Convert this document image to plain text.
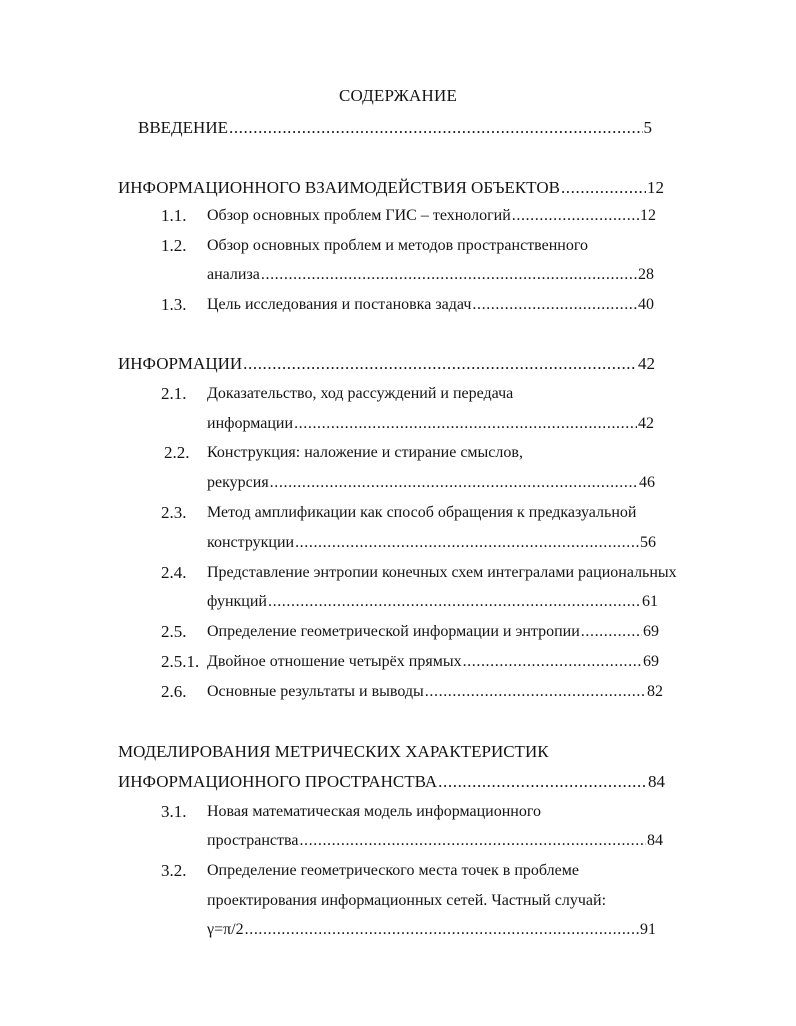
СОДЕРЖАНИЕ
ВВЕДЕНИЕ .....	5
ИНФОРМАЦИОННОГО ВЗАИМОДЕЙСТВИЯ ОБЪЕКТОВ .....	12
1.1.	Обзор основных проблем ГИС – технологий .....	12
1.2.	Обзор основных проблем и методов пространственного
анализа .....	28
1.3.	Цель исследования и постановка задач .....	40
ИНФОРМАЦИИ .....	42
2.1.	Доказательство, ход рассуждений и передача
информации .....	42
2.2.	Конструкция: наложение и стирание смыслов,
рекурсия .....	46
2.3.	Метод амплификации как способ обращения к предказуальной
конструкции .....	56
2.4.	Представление энтропии конечных схем интегралами рациональных
функций .....	61
2.5.	Определение геометрической информации и энтропии .....	69
2.5.1. Двойное отношение четырёх прямых .....	69
2.6.	Основные результаты и выводы .....	82
МОДЕЛИРОВАНИЯ МЕТРИЧЕСКИХ ХАРАКТЕРИСТИК
ИНФОРМАЦИОННОГО ПРОСТРАНСТВА .....	84
3.1.	Новая математическая модель информационного
пространства .....	84
3.2.	Определение геометрического места точек в проблеме
проектирования информационных сетей. Частный случай:
γ=π/2 .....	91
